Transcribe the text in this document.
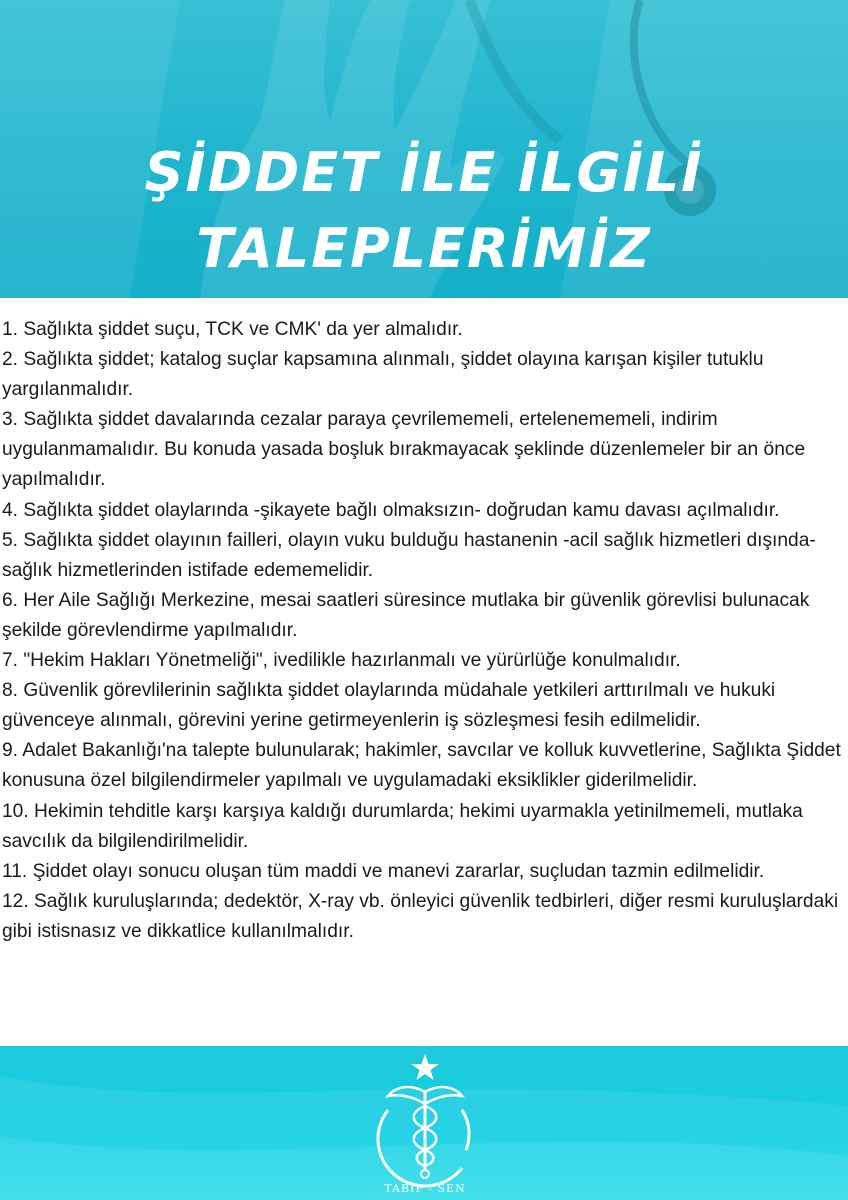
ŞİDDET İLE İLGİLİ
TALEPLERİMİZ
1. Sağlıkta şiddet suçu, TCK ve CMK' da yer almalıdır.
2. Sağlıkta şiddet; katalog suçlar kapsamına alınmalı, şiddet olayına karışan kişiler tutuklu yargılanmalıdır.
3. Sağlıkta şiddet davalarında cezalar paraya çevrilememeli, ertelenememeli, indirim uygulanmamalıdır. Bu konuda yasada boşluk bırakmayacak şeklinde düzenlemeler bir an önce yapılmalıdır.
4. Sağlıkta şiddet olaylarında -şikayete bağlı olmaksızın- doğrudan kamu davası açılmalıdır.
5. Sağlıkta şiddet olayının failleri, olayın vuku bulduğu hastanenin -acil sağlık hizmetleri dışında- sağlık hizmetlerinden istifade edememelidir.
6. Her Aile Sağlığı Merkezine, mesai saatleri süresince mutlaka bir güvenlik görevlisi bulunacak şekilde görevlendirme yapılmalıdır.
7. "Hekim Hakları Yönetmeliği", ivedilikle hazırlanmalı ve yürürlüğe konulmalıdır.
8. Güvenlik görevlilerinin sağlıkta şiddet olaylarında müdahale yetkileri arttırılmalı ve hukuki güvenceye alınmalı, görevini yerine getirmeyenlerin iş sözleşmesi fesih edilmelidir.
9. Adalet Bakanlığı'na talepte bulunularak; hakimler, savcılar ve kolluk kuvvetlerine, Sağlıkta Şiddet konusuna özel bilgilendirmeler yapılmalı ve uygulamadaki eksiklikler giderilmelidir.
10. Hekimin tehditle karşı karşıya kaldığı durumlarda; hekimi uyarmakla yetinilmemeli, mutlaka savcılık da bilgilendirilmelidir.
11. Şiddet olayı sonucu oluşan tüm maddi ve manevi zararlar, suçludan tazmin edilmelidir.
12. Sağlık kuruluşlarında; dedektör, X-ray vb. önleyici güvenlik tedbirleri, diğer resmi kuruluşlardaki gibi istisnasız ve dikkatlice kullanılmalıdır.
TABİP - SEN
